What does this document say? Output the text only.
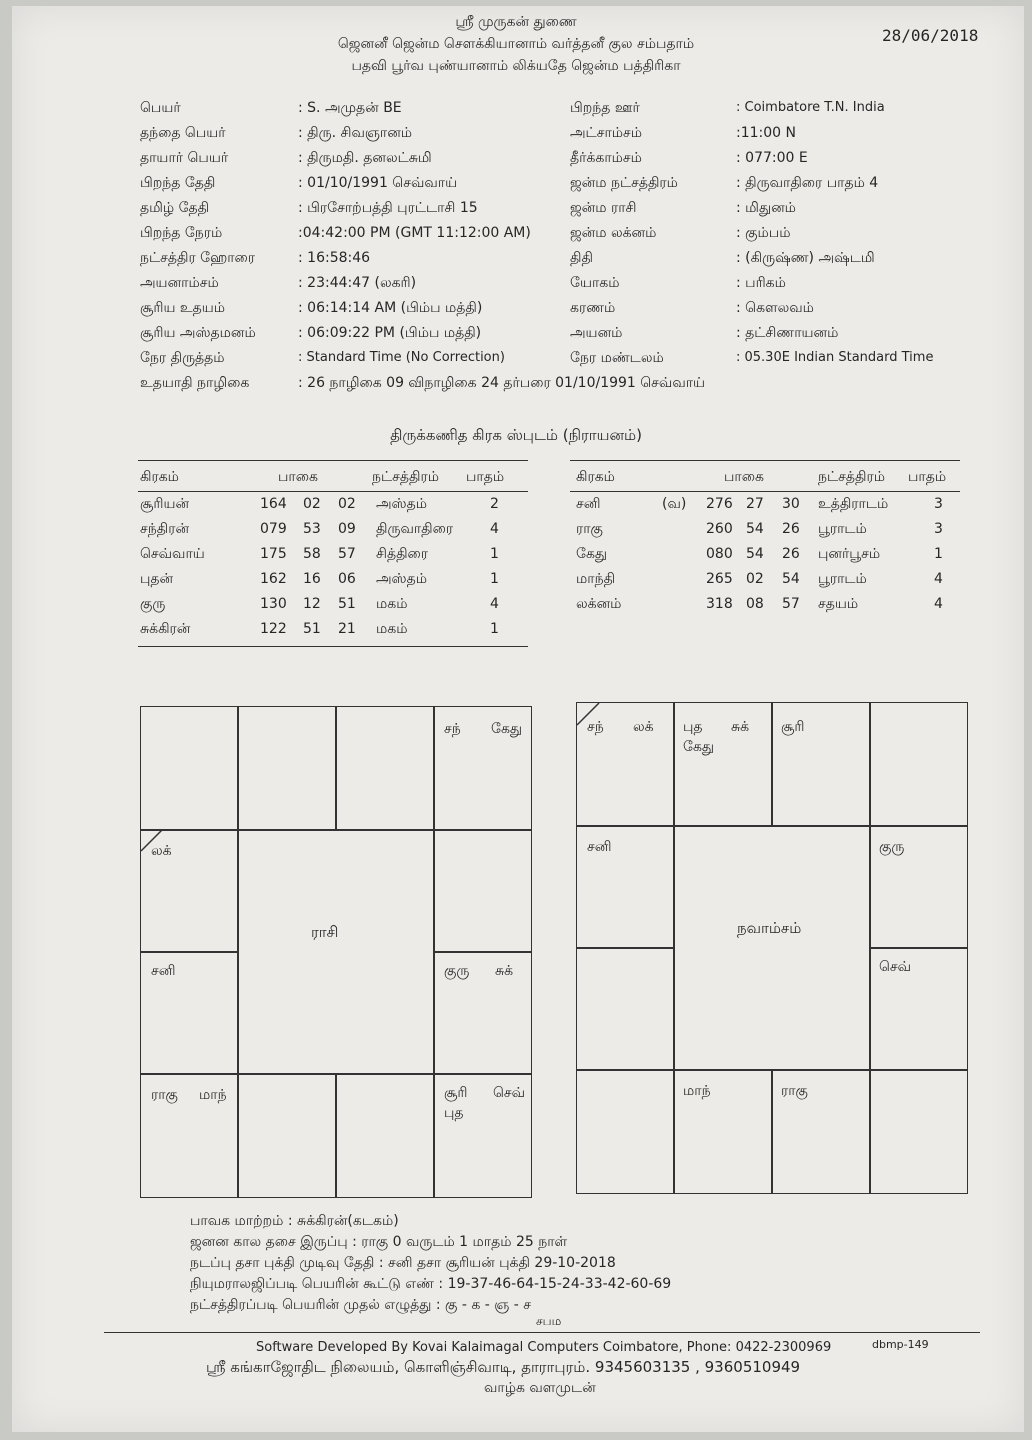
ஸ்ரீ முருகன் துணை
ஜெனனீ ஜென்ம சௌக்கியானாம் வர்த்தனீ குல சம்பதாம்
பதவி பூர்வ புண்யானாம் லிக்யதே ஜென்ம பத்திரிகா
28/06/2018
பெயர்	: S. அமுதன் BE
தந்தை பெயர்	: திரு. சிவஞானம்
தாயார் பெயர்	: திருமதி. தனலட்சுமி
பிறந்த தேதி	: 01/10/1991 செவ்வாய்
தமிழ் தேதி	: பிரசோற்பத்தி புரட்டாசி 15
பிறந்த நேரம்	:04:42:00 PM (GMT 11:12:00 AM)
நட்சத்திர ஹோரை	: 16:58:46
அயனாம்சம்	: 23:44:47 (லகரி)
சூரிய உதயம்	: 06:14:14 AM (பிம்ப மத்தி)
சூரிய அஸ்தமனம்	: 06:09:22 PM (பிம்ப மத்தி)
நேர திருத்தம்	: Standard Time (No Correction)
பிறந்த ஊர்	: Coimbatore T.N. India
அட்சாம்சம்	:11:00 N
தீர்க்காம்சம்	: 077:00 E
ஜன்ம நட்சத்திரம்	: திருவாதிரை பாதம் 4
ஜன்ம ராசி	: மிதுனம்
ஜன்ம லக்னம்	: கும்பம்
திதி	: (கிருஷ்ண) அஷ்டமி
யோகம்	: பரிகம்
கரணம்	: கௌலவம்
அயனம்	: தட்சிணாயனம்
நேர மண்டலம்	: 05.30E Indian Standard Time
உதயாதி நாழிகை	: 26 நாழிகை 09 விநாழிகை 24 தர்பரை 01/10/1991 செவ்வாய்
திருக்கணித கிரக ஸ்புடம் (நிராயனம்)
கிரகம்	பாகை	நட்சத்திரம் பாதம்
சூரியன்	164 02 02 அஸ்தம்	2
சந்திரன்	079 53 09 திருவாதிரை	4
செவ்வாய்	175 58 57 சித்திரை	1
புதன்	162 16 06 அஸ்தம்	1
குரு	130 12 51 மகம்	4
சுக்கிரன்	122 51 21 மகம்	1
கிரகம்	பாகை	நட்சத்திரம் பாதம்
சனி	(வ) 276 27 30 உத்திராடம்	3
ராகு	260 54 26 பூராடம்	3
கேது	080 54 26 புனர்பூசம்	1
மாந்தி	265 02 54 பூராடம்	4
லக்னம்	318 08 57 சதயம்	4
ராசி
சந் கேது
லக்
சனி	குரு சுக்
ராகு மாந்	சூரி செவ்
புத
நவாம்சம்
சந் லக் புத சுக்
கேது
சூரி
சனி	குரு
செவ்
மாந்	ராகு
பாவக மாற்றம் : சுக்கிரன்(கடகம்)
ஜனன கால தசை இருப்பு : ராகு 0 வருடம் 1 மாதம் 25 நாள்
நடப்பு தசா புக்தி முடிவு தேதி : சனி தசா சூரியன் புக்தி 29-10-2018
நியுமராலஜிப்படி பெயரின் கூட்டு எண் : 19-37-46-64-15-24-33-42-60-69
நட்சத்திரப்படி பெயரின் முதல் எழுத்து : கு - க - ஞ - ச
சபம
Software Developed By Kovai Kalaimagal Computers Coimbatore, Phone: 0422-2300969	dbmp-149
ஸ்ரீ கங்காஜோதிட நிலையம், கொளிஞ்சிவாடி, தாராபுரம். 9345603135 , 9360510949
வாழ்க வளமுடன்
